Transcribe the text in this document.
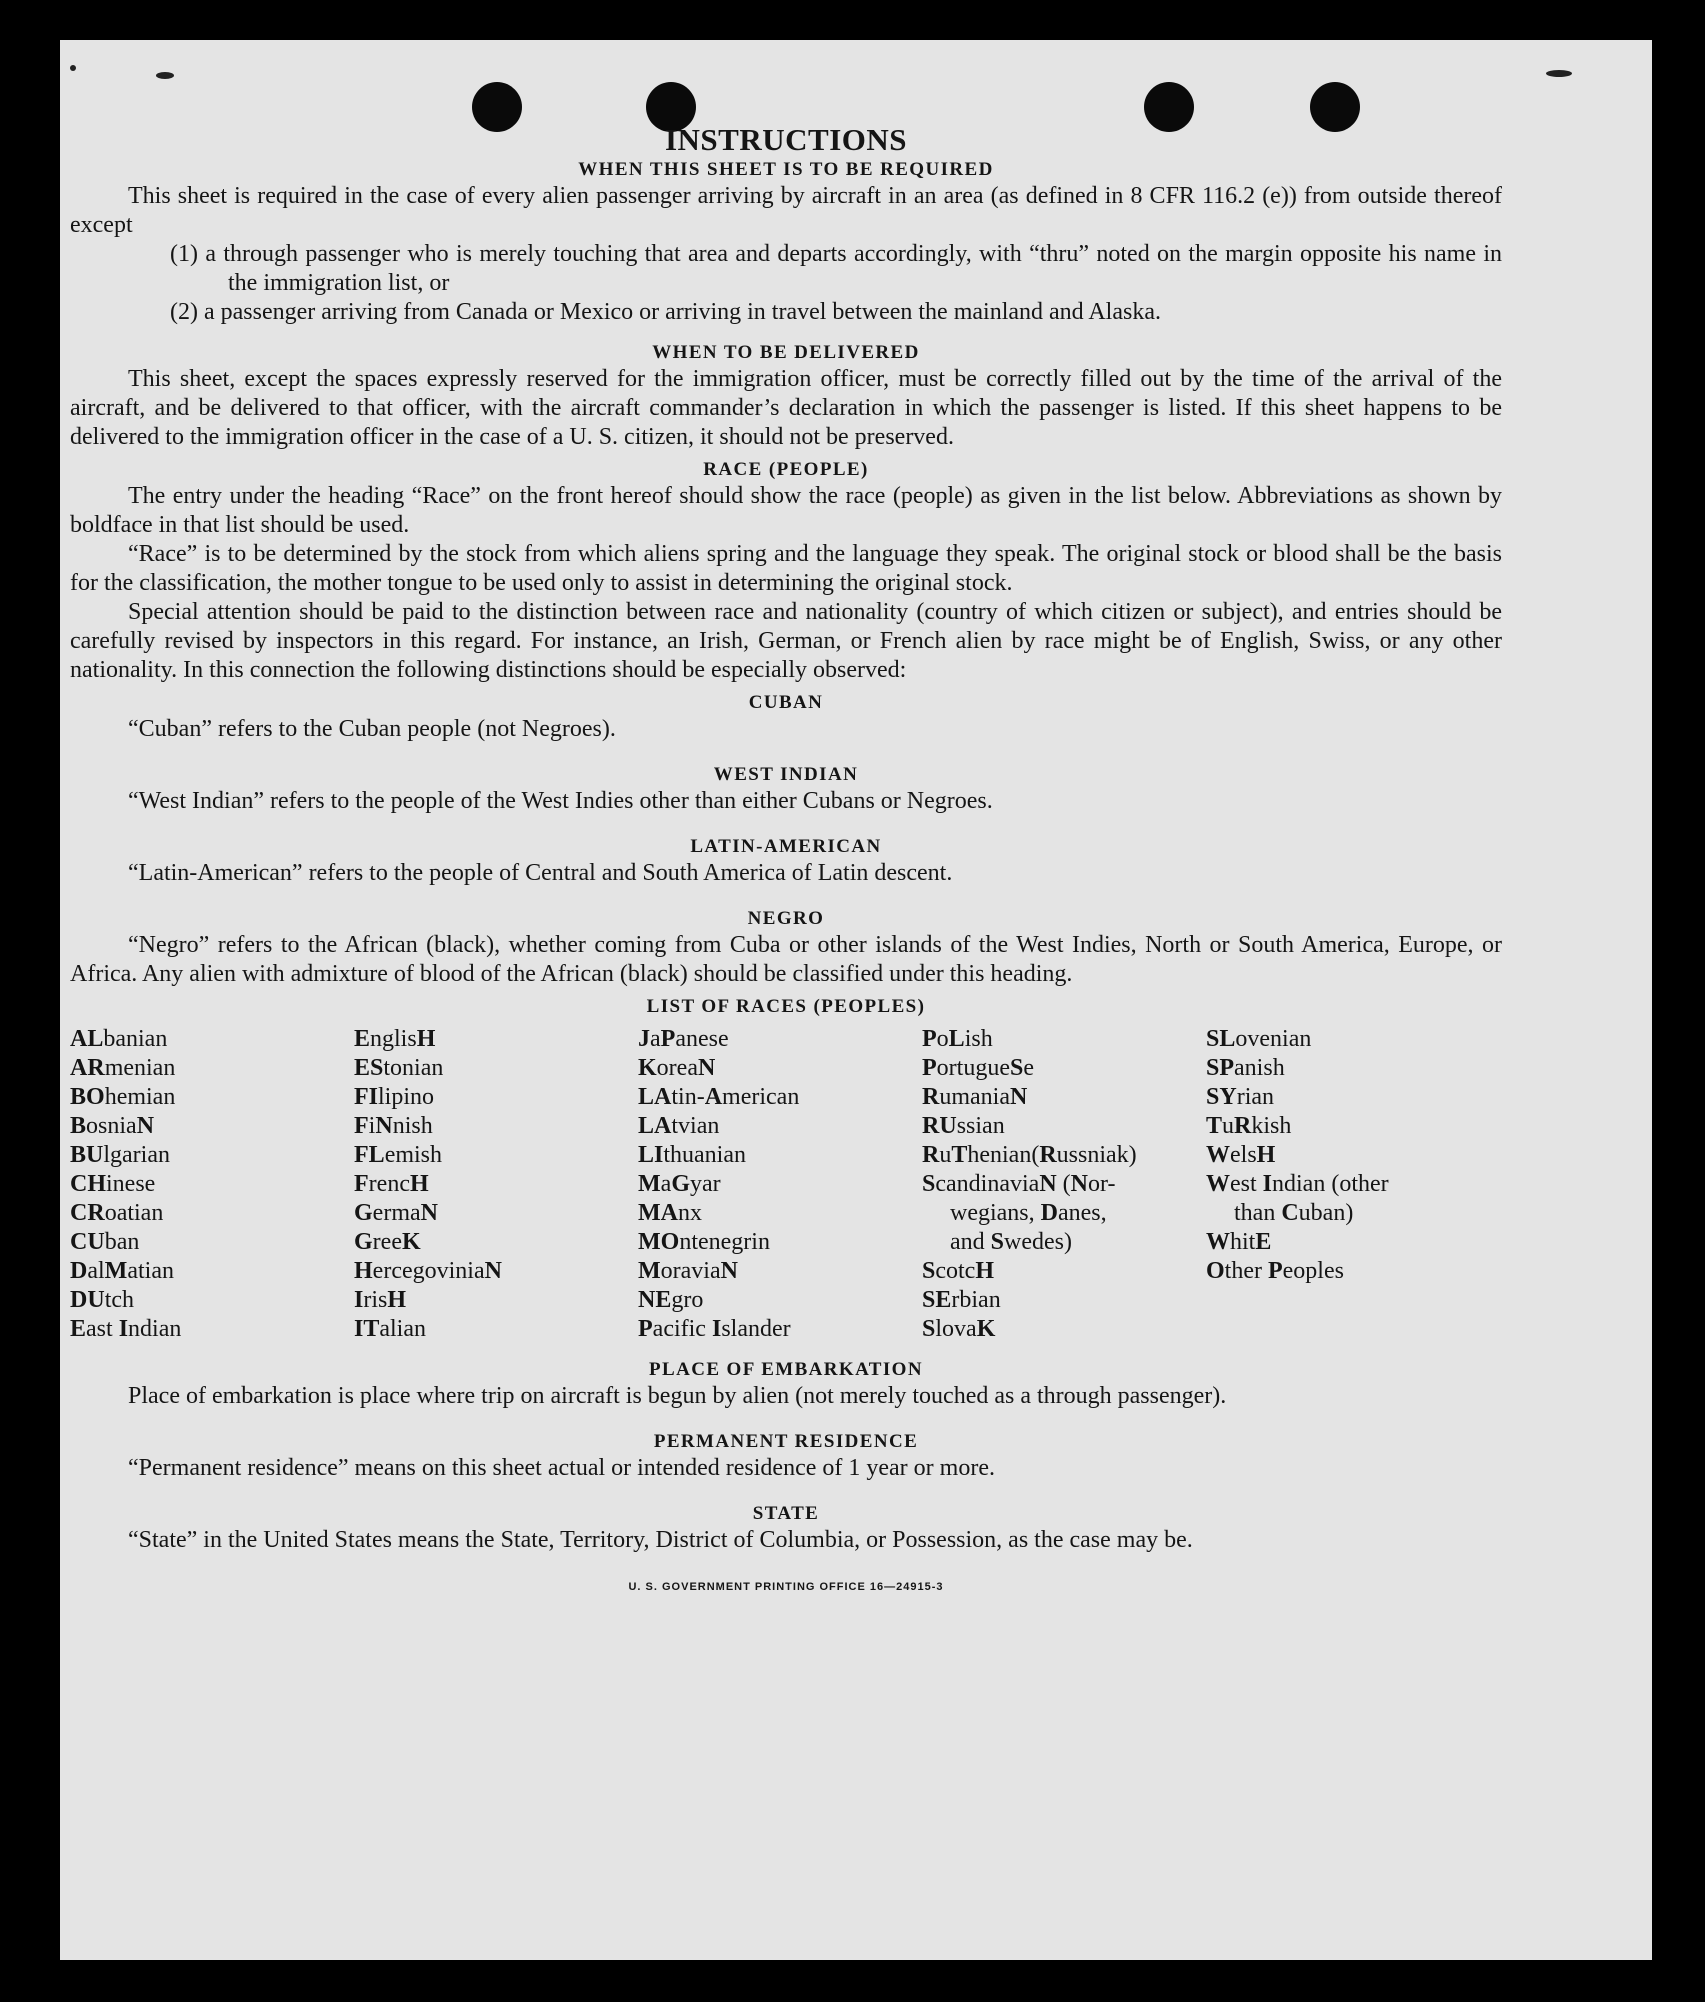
INSTRUCTIONS
WHEN THIS SHEET IS TO BE REQUIRED

This sheet is required in the case of every alien passenger arriving by aircraft in an area (as defined in 8 CFR 116.2 (e)) from outside thereof except

(1) a through passenger who is merely touching that area and departs accordingly, with “thru” noted on the margin opposite his name in the immigration list, or

(2) a passenger arriving from Canada or Mexico or arriving in travel between the mainland and Alaska.

WHEN TO BE DELIVERED

This sheet, except the spaces expressly reserved for the immigration officer, must be correctly filled out by the time of the arrival of the aircraft, and be delivered to that officer, with the aircraft commander’s declaration in which the passenger is listed. If this sheet happens to be delivered to the immigration officer in the case of a U. S. citizen, it should not be preserved.

RACE (PEOPLE)

The entry under the heading “Race” on the front hereof should show the race (people) as given in the list below. Abbreviations as shown by boldface in that list should be used.

“Race” is to be determined by the stock from which aliens spring and the language they speak. The original stock or blood shall be the basis for the classification, the mother tongue to be used only to assist in determining the original stock.

Special attention should be paid to the distinction between race and nationality (country of which citizen or subject), and entries should be carefully revised by inspectors in this regard. For instance, an Irish, German, or French alien by race might be of English, Swiss, or any other nationality. In this connection the following distinctions should be especially observed:

CUBAN

“Cuban” refers to the Cuban people (not Negroes).

WEST INDIAN

“West Indian” refers to the people of the West Indies other than either Cubans or Negroes.

LATIN-AMERICAN

“Latin-American” refers to the people of Central and South America of Latin descent.

NEGRO

“Negro” refers to the African (black), whether coming from Cuba or other islands of the West Indies, North or South America, Europe, or Africa. Any alien with admixture of blood of the African (black) should be classified under this heading.

LIST OF RACES (PEOPLES)
ALbanian
ARmenian
BOhemian
BosniaN
BUlgarian
CHinese
CRoatian
CUban
DalMatian
DUtch
East Indian
EnglisH
EStonian
FIlipino
FiNnish
FLemish
FrencH
GermaN
GreeK
HercegoviniaN
IrisH
ITalian
JaPanese
KoreaN
LAtin-American
LAtvian
LIthuanian
MaGyar
MAnx
MOntenegrin
MoraviaN
NEgro
Pacific Islander
PoLish
PortugueSe
RumaniaN
RUssian
RuThenian(Russniak)
ScandinaviaN (Nor-
wegians, Danes,
and Swedes)
ScotcH
SErbian
SlovaK
SLovenian
SPanish
SYrian
TuRkish
WelsH
West Indian (other
than Cuban)
WhitE
Other Peoples
PLACE OF EMBARKATION

Place of embarkation is place where trip on aircraft is begun by alien (not merely touched as a through passenger).

PERMANENT RESIDENCE

“Permanent residence” means on this sheet actual or intended residence of 1 year or more.

STATE

“State” in the United States means the State, Territory, District of Columbia, or Possession, as the case may be.

U. S. GOVERNMENT PRINTING OFFICE 16—24915-3
